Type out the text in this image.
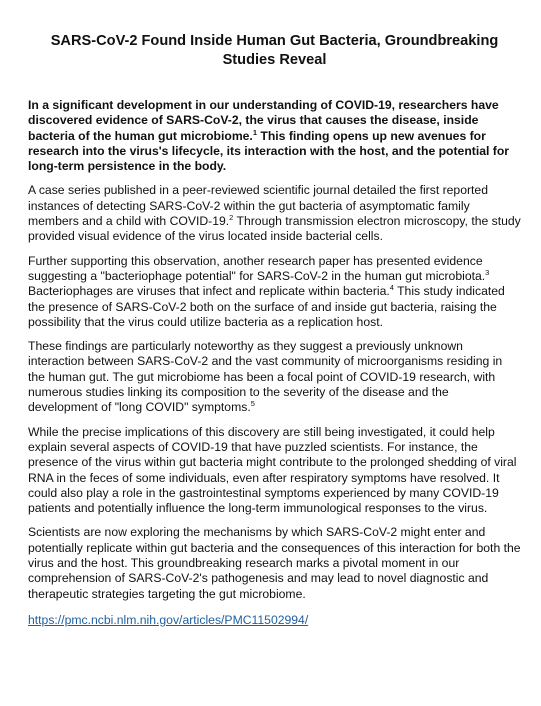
SARS-CoV-2 Found Inside Human Gut Bacteria, Groundbreaking Studies Reveal

In a significant development in our understanding of COVID-19, researchers have discovered evidence of SARS-CoV-2, the virus that causes the disease, inside bacteria of the human gut microbiome.$^1$ This finding opens up new avenues for research into the virus's lifecycle, its interaction with the host, and the potential for long-term persistence in the body.

A case series published in a peer-reviewed scientific journal detailed the first reported instances of detecting SARS-CoV-2 within the gut bacteria of asymptomatic family members and a child with COVID-19.$^2$ Through transmission electron microscopy, the study provided visual evidence of the virus located inside bacterial cells.

Further supporting this observation, another research paper has presented evidence suggesting a "bacteriophage potential" for SARS-CoV-2 in the human gut microbiota.$^3$ Bacteriophages are viruses that infect and replicate within bacteria.$^4$ This study indicated the presence of SARS-CoV-2 both on the surface of and inside gut bacteria, raising the possibility that the virus could utilize bacteria as a replication host.

These findings are particularly noteworthy as they suggest a previously unknown interaction between SARS-CoV-2 and the vast community of microorganisms residing in the human gut. The gut microbiome has been a focal point of COVID-19 research, with numerous studies linking its composition to the severity of the disease and the development of "long COVID" symptoms.$^5$

While the precise implications of this discovery are still being investigated, it could help explain several aspects of COVID-19 that have puzzled scientists. For instance, the presence of the virus within gut bacteria might contribute to the prolonged shedding of viral RNA in the feces of some individuals, even after respiratory symptoms have resolved. It could also play a role in the gastrointestinal symptoms experienced by many COVID-19 patients and potentially influence the long-term immunological responses to the virus.

Scientists are now exploring the mechanisms by which SARS-CoV-2 might enter and potentially replicate within gut bacteria and the consequences of this interaction for both the virus and the host. This groundbreaking research marks a pivotal moment in our comprehension of SARS-CoV-2's pathogenesis and may lead to novel diagnostic and therapeutic strategies targeting the gut microbiome.

https://pmc.ncbi.nlm.nih.gov/articles/PMC11502994/
